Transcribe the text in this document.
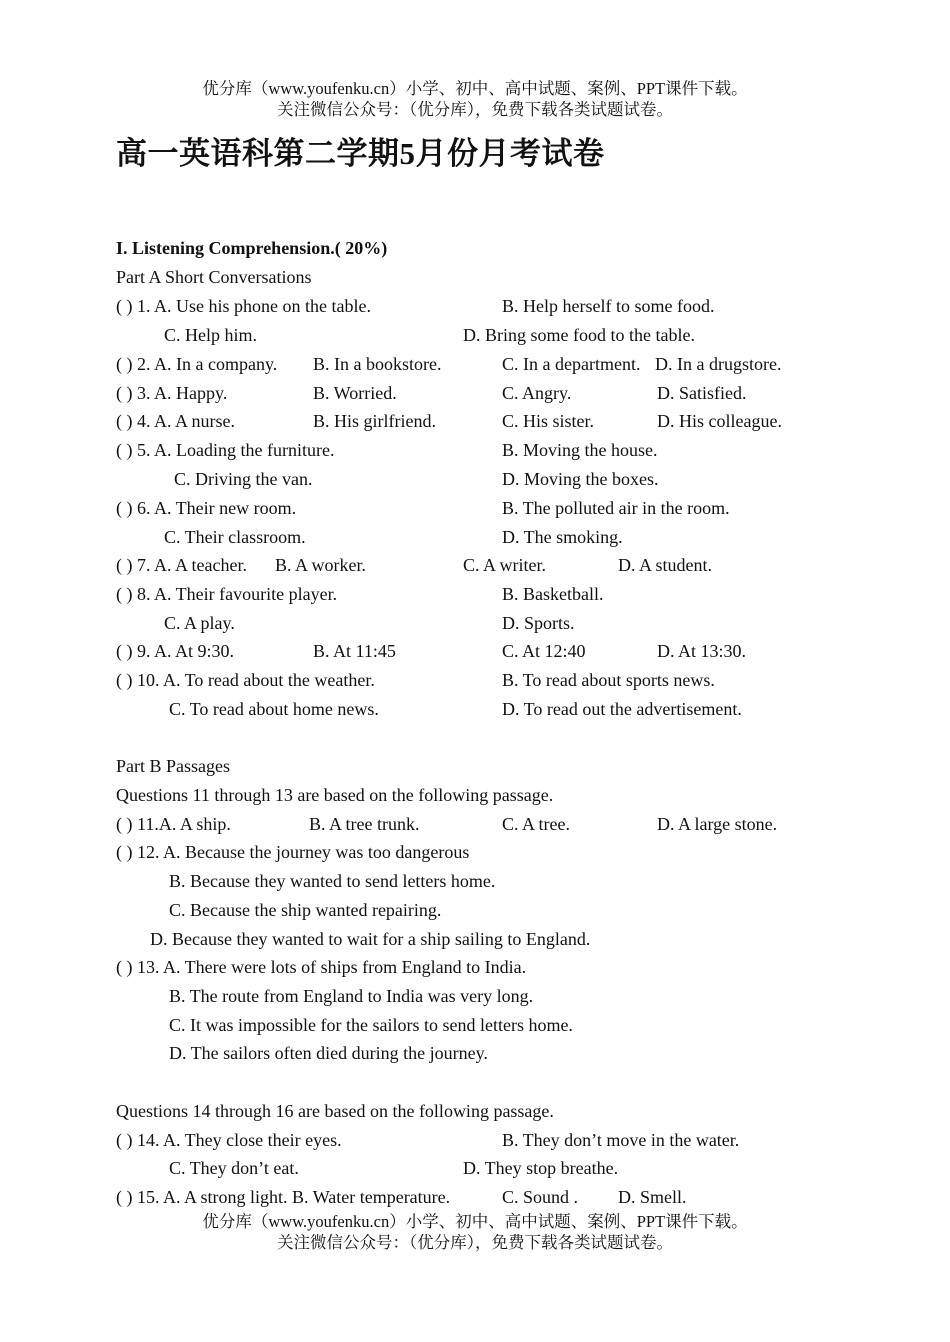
优分库（www.youfenku.cn）小学、初中、高中试题、案例、PPT课件下载。
关注微信公众号：（优分库），免费下载各类试题试卷。
高一英语科第二学期5月份月考试卷
I. Listening Comprehension.( 20%)
Part A Short Conversations
( ) 1. A. Use his phone on the table.	B. Help herself to some food.
C. Help him.	D. Bring some food to the table.
( ) 2. A. In a company. B. In a bookstore.	C. In a department. D. In a drugstore.
( ) 3. A. Happy.	B. Worried.	C. Angry.	D. Satisfied.
( ) 4. A. A nurse.	B. His girlfriend.	C. His sister.	D. His colleague.
( ) 5. A. Loading the furniture.	B. Moving the house.
C. Driving the van.	D. Moving the boxes.
( ) 6. A. Their new room.	B. The polluted air in the room.
C. Their classroom.	D. The smoking.
( ) 7. A. A teacher. B. A worker.	C. A writer.	D. A student.
( ) 8. A. Their favourite player.	B. Basketball.
C. A play.	D. Sports.
( ) 9. A. At 9:30.	B. At 11:45	C. At 12:40	D. At 13:30.
( ) 10. A. To read about the weather.	B. To read about sports news.
C. To read about home news.	D. To read out the advertisement.
Part B Passages
Questions 11 through 13 are based on the following passage.
( ) 11.A. A ship.	B. A tree trunk.	C. A tree.	D. A large stone.
( ) 12. A. Because the journey was too dangerous
B. Because they wanted to send letters home.
C. Because the ship wanted repairing.
D. Because they wanted to wait for a ship sailing to England.
( ) 13. A. There were lots of ships from England to India.
B. The route from England to India was very long.
C. It was impossible for the sailors to send letters home.
D. The sailors often died during the journey.
Questions 14 through 16 are based on the following passage.
( ) 14. A. They close their eyes.	B. They don’t move in the water.
C. They don’t eat.	D. They stop breathe.
( ) 15. A. A strong light. B. Water temperature.	C. Sound . D. Smell.
优分库（www.youfenku.cn）小学、初中、高中试题、案例、PPT课件下载。
关注微信公众号：（优分库），免费下载各类试题试卷。
